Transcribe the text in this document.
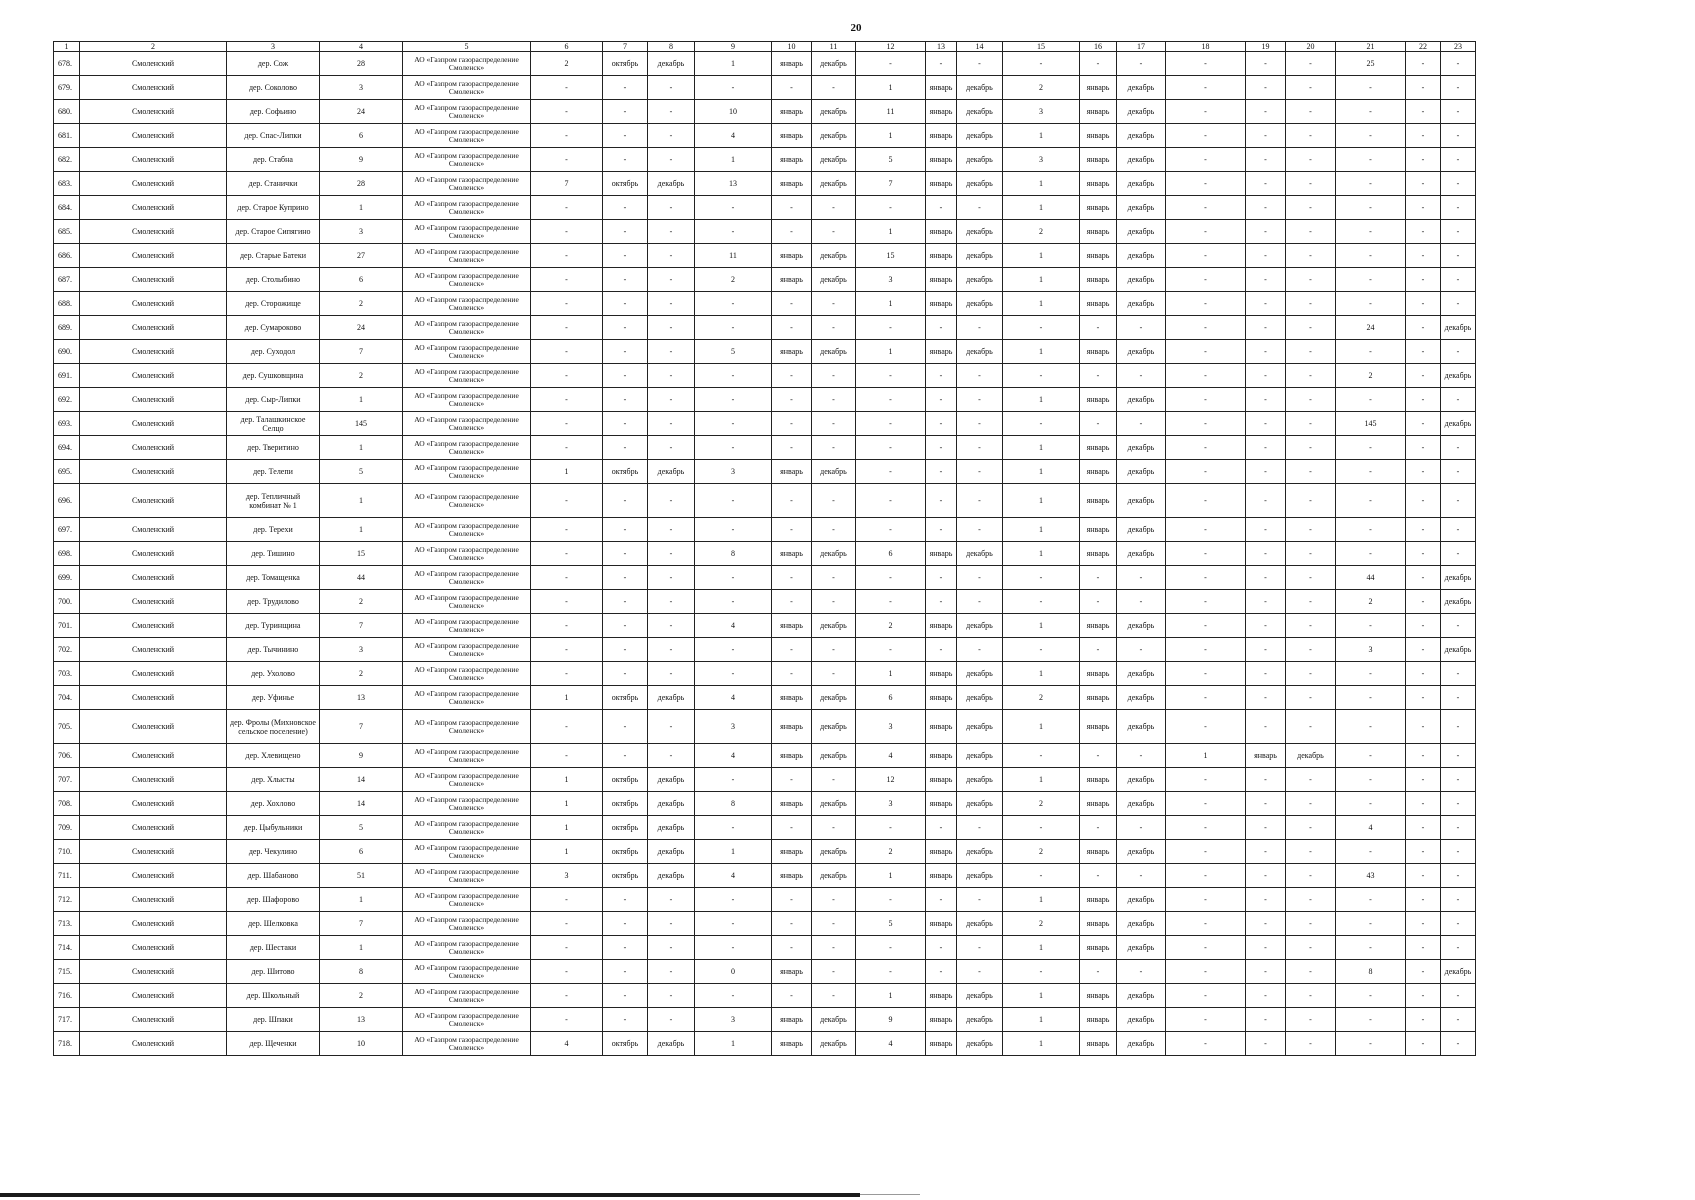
20
1	2	3	4	5	6	7	8	9	10	11	12	13	14	15	16	17	18	19	20	21	22	23
678.	Смоленский	дер. Сож	28	АО «Газпром газораспределение Смоленск»	2	октябрь	декабрь	1	январь	декабрь	-	-	-	-	-	-	-	-	-	25	-	-
679.	Смоленский	дер. Соколово	3	АО «Газпром газораспределение Смоленск»	-	-	-	-	-	-	1	январь	декабрь	2	январь	декабрь	-	-	-	-	-	-
680.	Смоленский	дер. Софьино	24	АО «Газпром газораспределение Смоленск»	-	-	-	10	январь	декабрь	11	январь	декабрь	3	январь	декабрь	-	-	-	-	-	-
681.	Смоленский	дер. Спас-Липки	6	АО «Газпром газораспределение Смоленск»	-	-	-	4	январь	декабрь	1	январь	декабрь	1	январь	декабрь	-	-	-	-	-	-
682.	Смоленский	дер. Стабна	9	АО «Газпром газораспределение Смоленск»	-	-	-	1	январь	декабрь	5	январь	декабрь	3	январь	декабрь	-	-	-	-	-	-
683.	Смоленский	дер. Станички	28	АО «Газпром газораспределение Смоленск»	7	октябрь	декабрь	13	январь	декабрь	7	январь	декабрь	1	январь	декабрь	-	-	-	-	-	-
684.	Смоленский	дер. Старое Куприно	1	АО «Газпром газораспределение Смоленск»	-	-	-	-	-	-	-	-	-	1	январь	декабрь	-	-	-	-	-	-
685.	Смоленский	дер. Старое Сипягино	3	АО «Газпром газораспределение Смоленск»	-	-	-	-	-	-	1	январь	декабрь	2	январь	декабрь	-	-	-	-	-	-
686.	Смоленский	дер. Старые Батеки	27	АО «Газпром газораспределение Смоленск»	-	-	-	11	январь	декабрь	15	январь	декабрь	1	январь	декабрь	-	-	-	-	-	-
687.	Смоленский	дер. Столыбино	6	АО «Газпром газораспределение Смоленск»	-	-	-	2	январь	декабрь	3	январь	декабрь	1	январь	декабрь	-	-	-	-	-	-
688.	Смоленский	дер. Сторожище	2	АО «Газпром газораспределение Смоленск»	-	-	-	-	-	-	1	январь	декабрь	1	январь	декабрь	-	-	-	-	-	-
689.	Смоленский	дер. Сумароково	24	АО «Газпром газораспределение Смоленск»	-	-	-	-	-	-	-	-	-	-	-	-	-	-	-	24	-	декабрь
690.	Смоленский	дер. Суходол	7	АО «Газпром газораспределение Смоленск»	-	-	-	5	январь	декабрь	1	январь	декабрь	1	январь	декабрь	-	-	-	-	-	-
691.	Смоленский	дер. Сушковщина	2	АО «Газпром газораспределение Смоленск»	-	-	-	-	-	-	-	-	-	-	-	-	-	-	-	2	-	декабрь
692.	Смоленский	дер. Сыр-Липки	1	АО «Газпром газораспределение Смоленск»	-	-	-	-	-	-	-	-	-	1	январь	декабрь	-	-	-	-	-	-
693.	Смоленский	дер. Талашкинское Селцо	145	АО «Газпром газораспределение Смоленск»	-	-	-	-	-	-	-	-	-	-	-	-	-	-	-	145	-	декабрь
694.	Смоленский	дер. Тверитино	1	АО «Газпром газораспределение Смоленск»	-	-	-	-	-	-	-	-	-	1	январь	декабрь	-	-	-	-	-	-
695.	Смоленский	дер. Телепи	5	АО «Газпром газораспределение Смоленск»	1	октябрь	декабрь	3	январь	декабрь	-	-	-	1	январь	декабрь	-	-	-	-	-	-
696.	Смоленский	дер. Тепличный комбинат № 1	1	АО «Газпром газораспределение Смоленск»	-	-	-	-	-	-	-	-	-	1	январь	декабрь	-	-	-	-	-	-
697.	Смоленский	дер. Терехи	1	АО «Газпром газораспределение Смоленск»	-	-	-	-	-	-	-	-	-	1	январь	декабрь	-	-	-	-	-	-
698.	Смоленский	дер. Тишино	15	АО «Газпром газораспределение Смоленск»	-	-	-	8	январь	декабрь	6	январь	декабрь	1	январь	декабрь	-	-	-	-	-	-
699.	Смоленский	дер. Томащенка	44	АО «Газпром газораспределение Смоленск»	-	-	-	-	-	-	-	-	-	-	-	-	-	-	-	44	-	декабрь
700.	Смоленский	дер. Трудилово	2	АО «Газпром газораспределение Смоленск»	-	-	-	-	-	-	-	-	-	-	-	-	-	-	-	2	-	декабрь
701.	Смоленский	дер. Туринщина	7	АО «Газпром газораспределение Смоленск»	-	-	-	4	январь	декабрь	2	январь	декабрь	1	январь	декабрь	-	-	-	-	-	-
702.	Смоленский	дер. Тычинино	3	АО «Газпром газораспределение Смоленск»	-	-	-	-	-	-	-	-	-	-	-	-	-	-	-	3	-	декабрь
703.	Смоленский	дер. Ухолово	2	АО «Газпром газораспределение Смоленск»	-	-	-	-	-	-	1	январь	декабрь	1	январь	декабрь	-	-	-	-	-	-
704.	Смоленский	дер. Уфинье	13	АО «Газпром газораспределение Смоленск»	1	октябрь	декабрь	4	январь	декабрь	6	январь	декабрь	2	январь	декабрь	-	-	-	-	-	-
705.	Смоленский	дер. Фролы (Михновское сельское поселение)	7	АО «Газпром газораспределение Смоленск»	-	-	-	3	январь	декабрь	3	январь	декабрь	1	январь	декабрь	-	-	-	-	-	-
706.	Смоленский	дер. Хлевищено	9	АО «Газпром газораспределение Смоленск»	-	-	-	4	январь	декабрь	4	январь	декабрь	-	-	-	1	январь	декабрь	-	-	-
707.	Смоленский	дер. Хлысты	14	АО «Газпром газораспределение Смоленск»	1	октябрь	декабрь	-	-	-	12	январь	декабрь	1	январь	декабрь	-	-	-	-	-	-
708.	Смоленский	дер. Хохлово	14	АО «Газпром газораспределение Смоленск»	1	октябрь	декабрь	8	январь	декабрь	3	январь	декабрь	2	январь	декабрь	-	-	-	-	-	-
709.	Смоленский	дер. Цыбульники	5	АО «Газпром газораспределение Смоленск»	1	октябрь	декабрь	-	-	-	-	-	-	-	-	-	-	-	-	4	-	-
710.	Смоленский	дер. Чекулино	6	АО «Газпром газораспределение Смоленск»	1	октябрь	декабрь	1	январь	декабрь	2	январь	декабрь	2	январь	декабрь	-	-	-	-	-	-
711.	Смоленский	дер. Шабаново	51	АО «Газпром газораспределение Смоленск»	3	октябрь	декабрь	4	январь	декабрь	1	январь	декабрь	-	-	-	-	-	-	43	-	-
712.	Смоленский	дер. Шафорово	1	АО «Газпром газораспределение Смоленск»	-	-	-	-	-	-	-	-	-	1	январь	декабрь	-	-	-	-	-	-
713.	Смоленский	дер. Шелковка	7	АО «Газпром газораспределение Смоленск»	-	-	-	-	-	-	5	январь	декабрь	2	январь	декабрь	-	-	-	-	-	-
714.	Смоленский	дер. Шестаки	1	АО «Газпром газораспределение Смоленск»	-	-	-	-	-	-	-	-	-	1	январь	декабрь	-	-	-	-	-	-
715.	Смоленский	дер. Шитово	8	АО «Газпром газораспределение Смоленск»	-	-	-	0	январь	-	-	-	-	-	-	-	-	-	-	8	-	декабрь
716.	Смоленский	дер. Школьный	2	АО «Газпром газораспределение Смоленск»	-	-	-	-	-	-	1	январь	декабрь	1	январь	декабрь	-	-	-	-	-	-
717.	Смоленский	дер. Шпаки	13	АО «Газпром газораспределение Смоленск»	-	-	-	3	январь	декабрь	9	январь	декабрь	1	январь	декабрь	-	-	-	-	-	-
718.	Смоленский	дер. Щеченки	10	АО «Газпром газораспределение Смоленск»	4	октябрь	декабрь	1	январь	декабрь	4	январь	декабрь	1	январь	декабрь	-	-	-	-	-	-
